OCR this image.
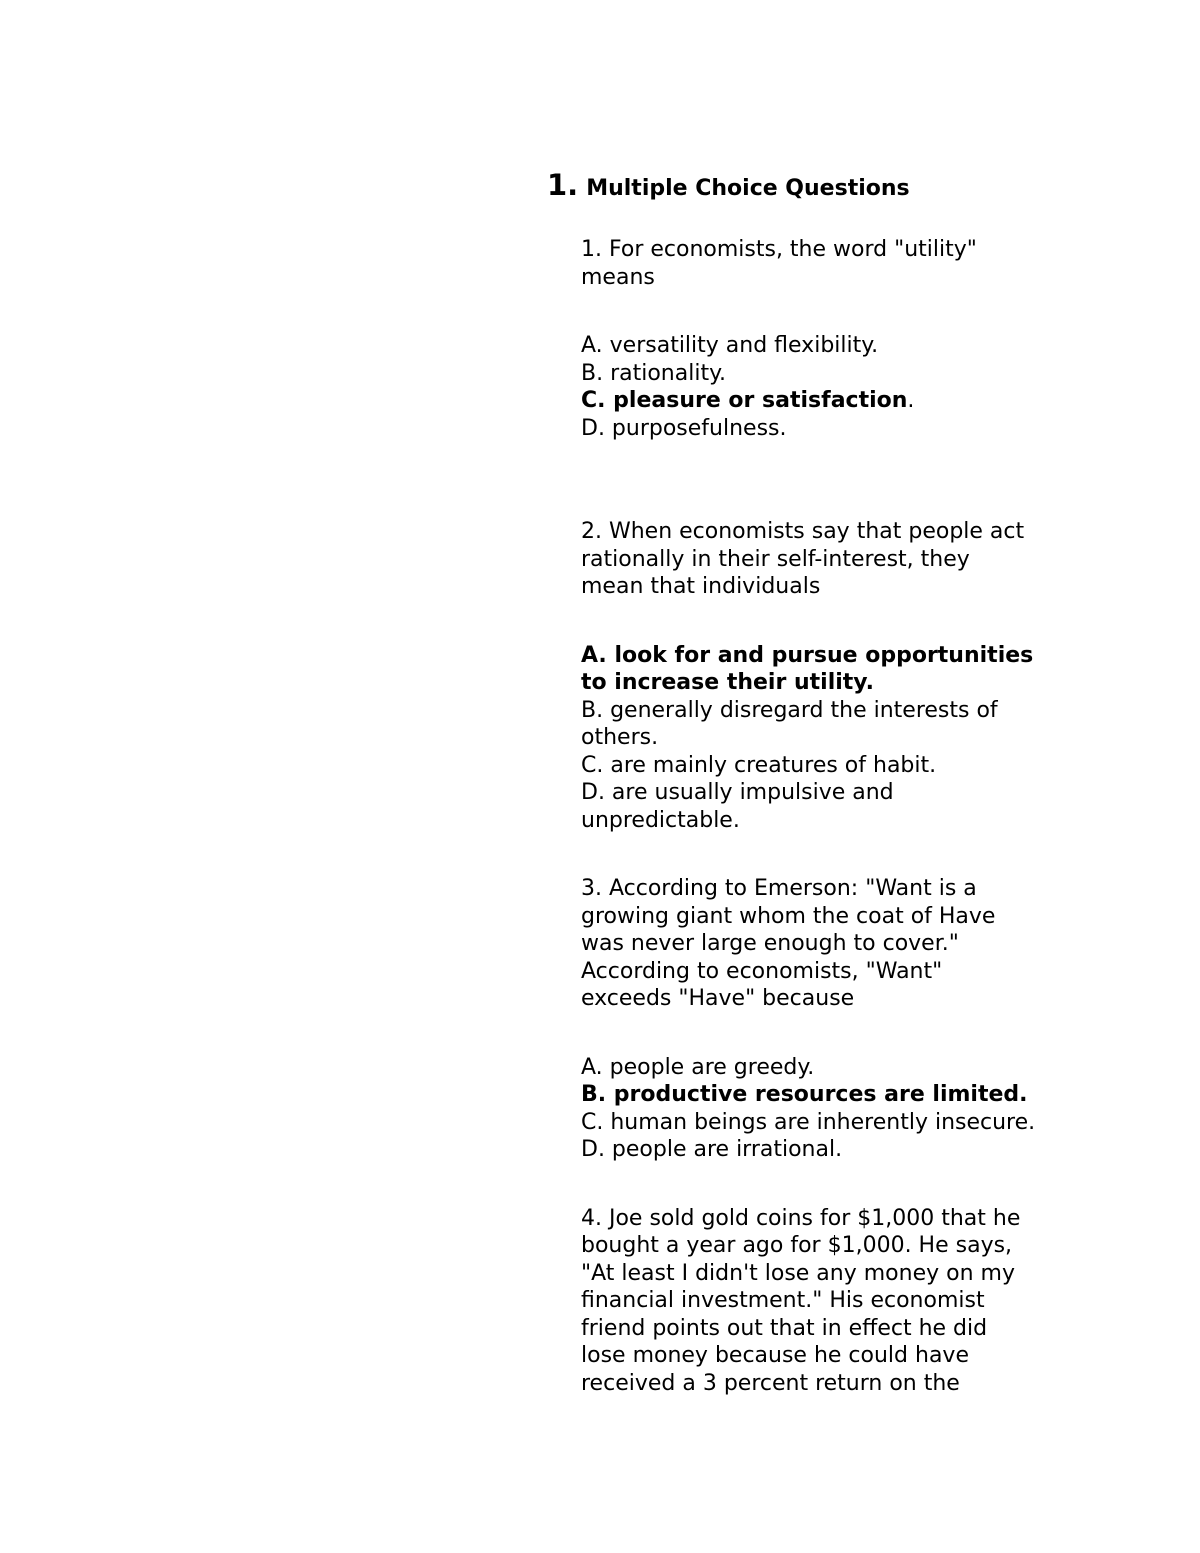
1. Multiple Choice Questions
1. For economists, the word "utility"
means
A. versatility and flexibility.
B. rationality.
C. pleasure or satisfaction.
D. purposefulness.
2. When economists say that people act
rationally in their self-interest, they
mean that individuals
A. look for and pursue opportunities
to increase their utility.
B. generally disregard the interests of
others.
C. are mainly creatures of habit.
D. are usually impulsive and
unpredictable.
3. According to Emerson: "Want is a
growing giant whom the coat of Have
was never large enough to cover."
According to economists, "Want"
exceeds "Have" because
A. people are greedy.
B. productive resources are limited.
C. human beings are inherently insecure.
D. people are irrational.
4. Joe sold gold coins for $1,000 that he
bought a year ago for $1,000. He says,
"At least I didn't lose any money on my
financial investment." His economist
friend points out that in effect he did
lose money because he could have
received a 3 percent return on the
